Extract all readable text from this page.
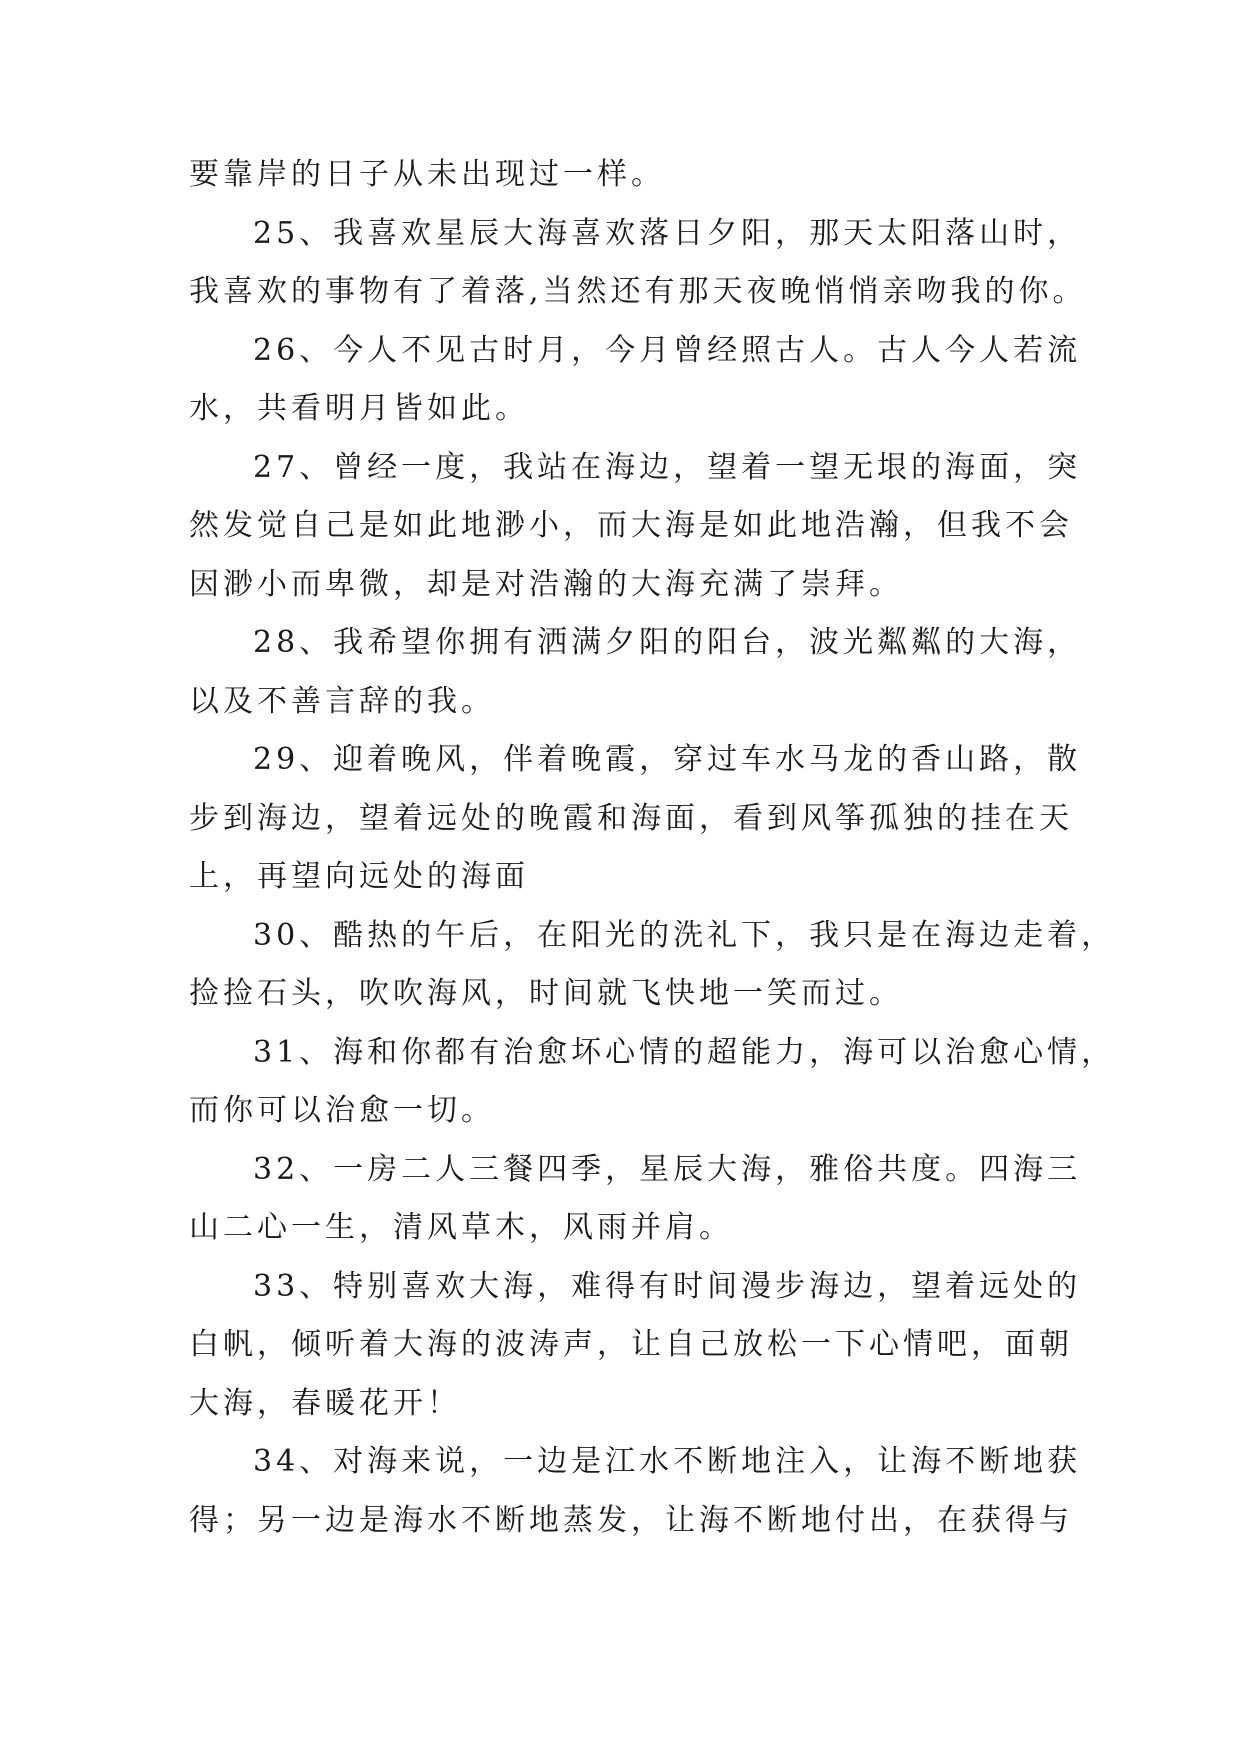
要靠岸的日子从未出现过一样。
25、我喜欢星辰大海喜欢落日夕阳，那天太阳落山时，
我喜欢的事物有了着落,当然还有那天夜晚悄悄亲吻我的你。
26、今人不见古时月，今月曾经照古人。古人今人若流
水，共看明月皆如此。
27、曾经一度，我站在海边，望着一望无垠的海面，突
然发觉自己是如此地渺小，而大海是如此地浩瀚，但我不会
因渺小而卑微，却是对浩瀚的大海充满了崇拜。
28、我希望你拥有洒满夕阳的阳台，波光粼粼的大海，
以及不善言辞的我。
29、迎着晚风，伴着晚霞，穿过车水马龙的香山路，散
步到海边，望着远处的晚霞和海面，看到风筝孤独的挂在天
上，再望向远处的海面
30、酷热的午后，在阳光的洗礼下，我只是在海边走着，
捡捡石头，吹吹海风，时间就飞快地一笑而过。
31、海和你都有治愈坏心情的超能力，海可以治愈心情，
而你可以治愈一切。
32、一房二人三餐四季，星辰大海，雅俗共度。四海三
山二心一生，清风草木，风雨并肩。
33、特别喜欢大海，难得有时间漫步海边，望着远处的
白帆，倾听着大海的波涛声，让自己放松一下心情吧，面朝
大海，春暖花开！
34、对海来说，一边是江水不断地注入，让海不断地获
得；另一边是海水不断地蒸发，让海不断地付出，在获得与
